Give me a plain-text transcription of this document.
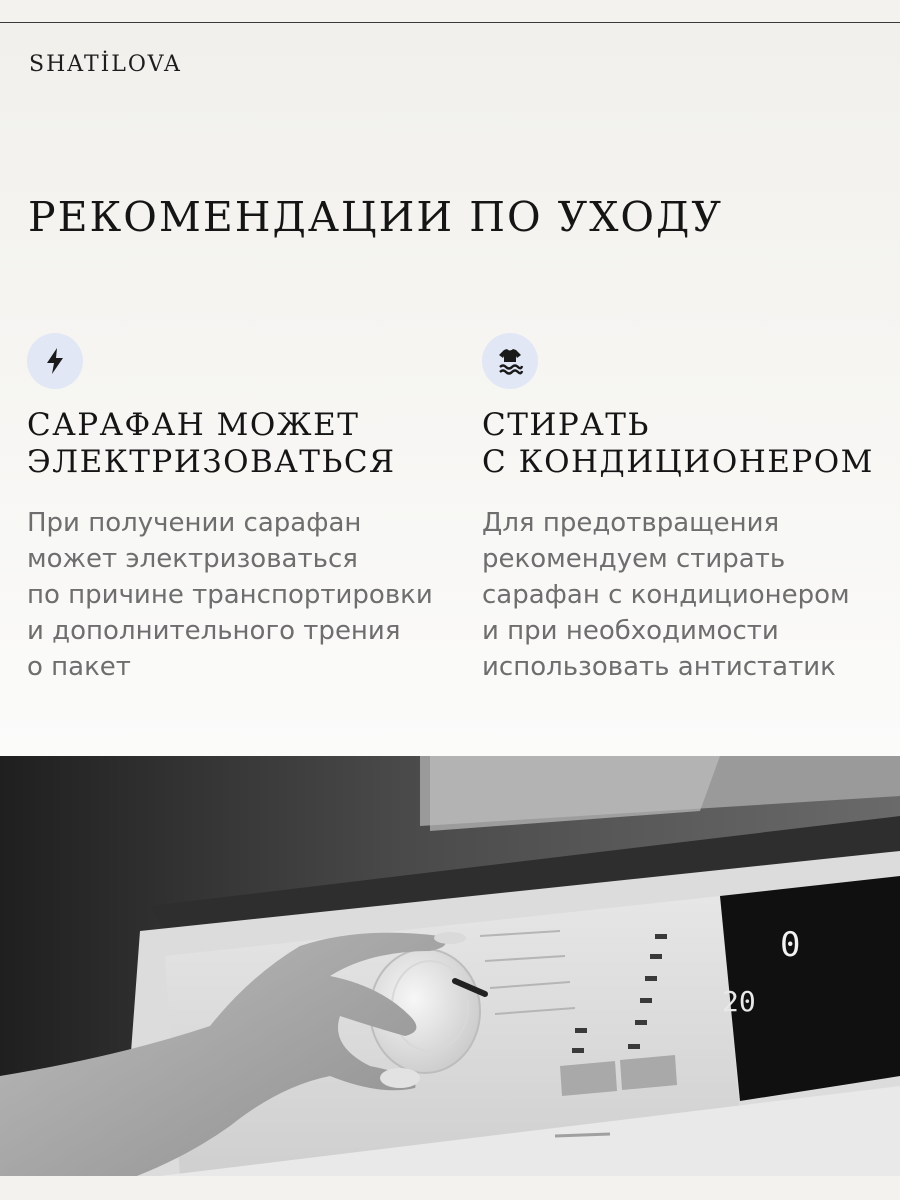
SHATİLOVA
РЕКОМЕНДАЦИИ ПО УХОДУ
САРАФАН МОЖЕТ
ЭЛЕКТРИЗОВАТЬСЯ
При получении сарафан
может электризоваться
по причине транспортировки
и дополнительного трения
о пакет
СТИРАТЬ
С КОНДИЦИОНЕРОМ
Для предотвращения
рекомендуем стирать
сарафан с кондиционером
и при необходимости
использовать антистатик
0
20
